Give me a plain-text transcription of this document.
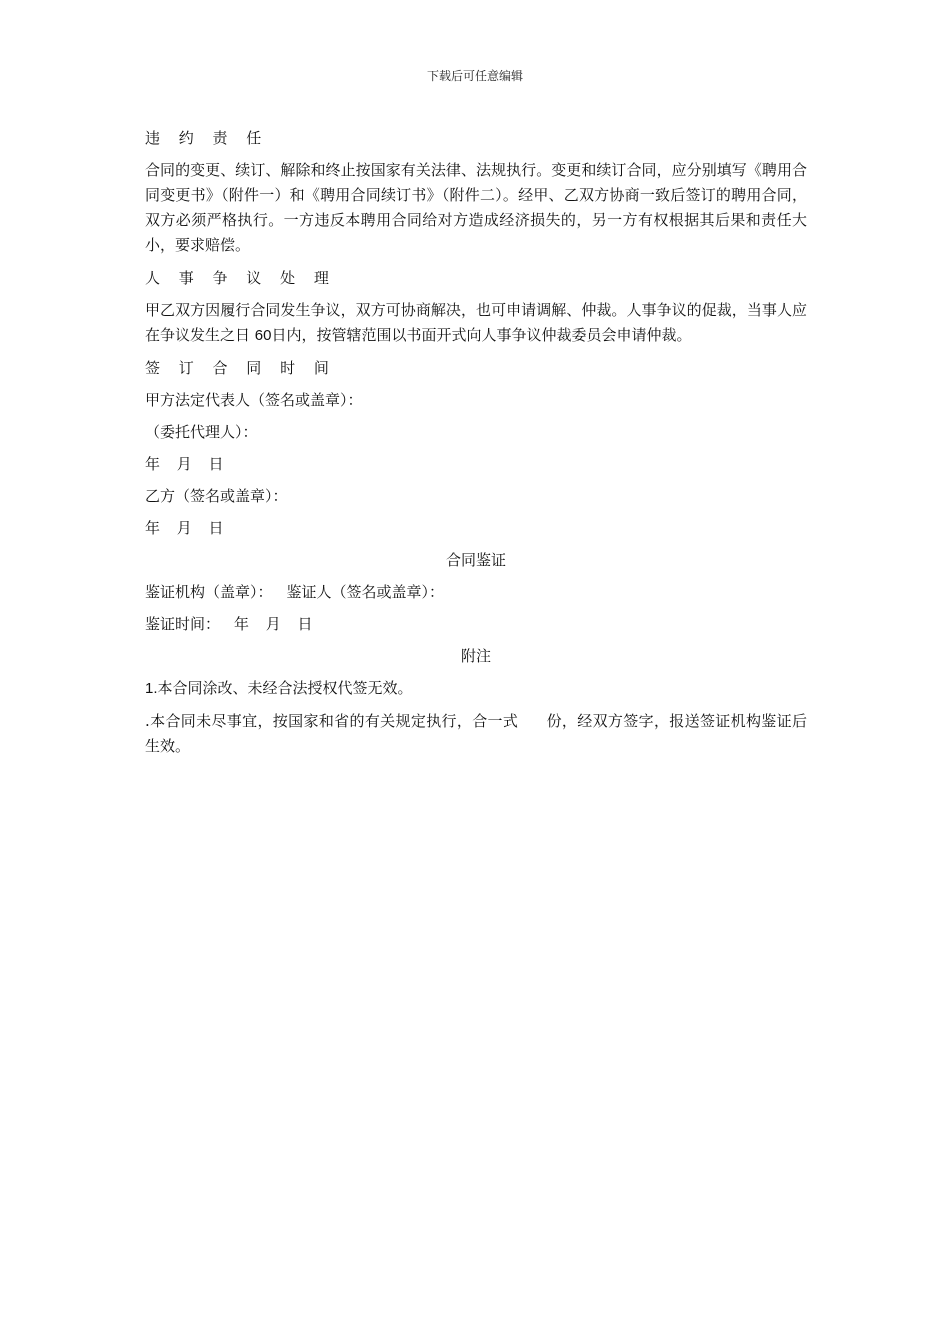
下载后可任意编辑
违 约 责 任

合同的变更、续订、解除和终止按国家有关法律、法规执行。变更和续订合同，应分别填写《聘用合同变更书》（附件一）和《聘用合同续订书》（附件二）。经甲、乙双方协商一致后签订的聘用合同，双方必须严格执行。一方违反本聘用合同给对方造成经济损失的，另一方有权根据其后果和责任大小，要求赔偿。

人 事 争 议 处 理

甲乙双方因履行合同发生争议，双方可协商解决，也可申请调解、仲裁。人事争议的促裁，当事人应在争议发生之日 60日内，按管辖范围以书面开式向人事争议仲裁委员会申请仲裁。

签 订 合 同 时 间
甲方法定代表人（签名或盖章）：
（委托代理人）：
年 月 日
乙方（签名或盖章）：
年 月 日
合同鉴证
鉴证机构（盖章）： 鉴证人（签名或盖章）：
鉴证时间： 年 月 日
附注
1.本合同涂改、未经合法授权代签无效。

.本合同未尽事宜，按国家和省的有关规定执行，合一式 份，经双方签字，报送签证机构鉴证后生效。
